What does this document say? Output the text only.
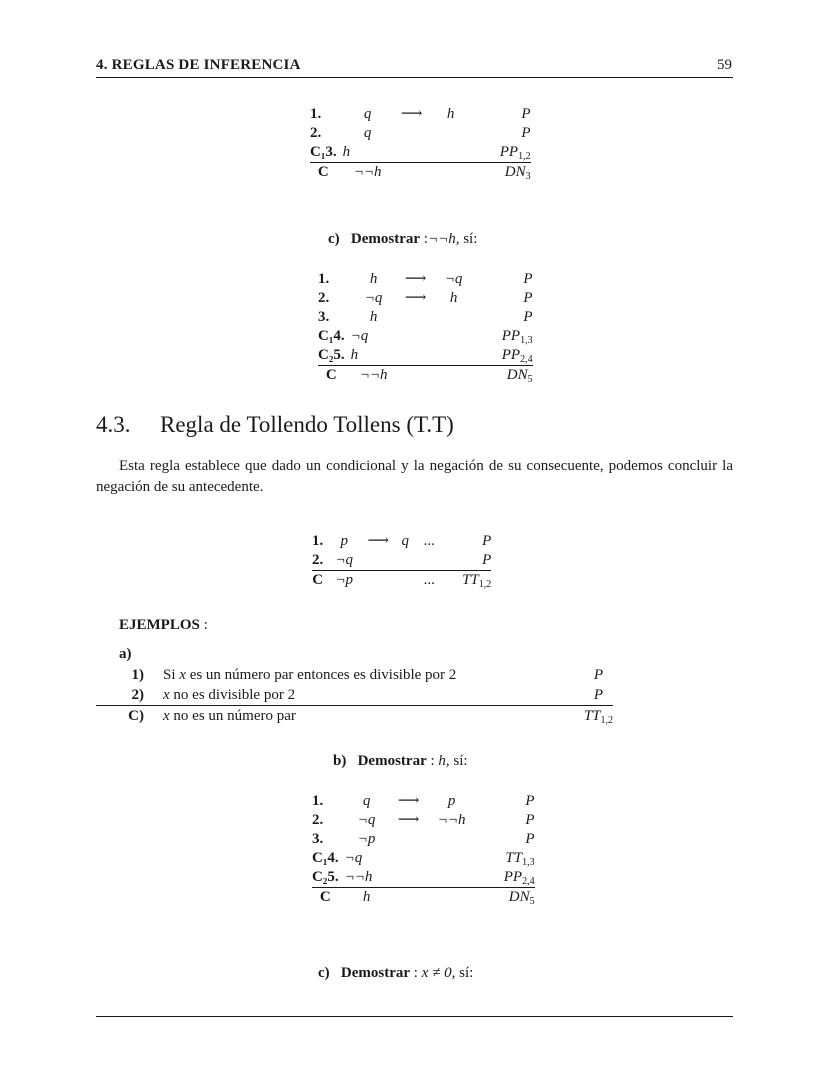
4. REGLAS DE INFERENCIA	59
1.	q	⟶	h	P
2.	q			P
C₁3.	h			$PP_{1,2}$
C	¬¬h			$DN_3$
c) Demostrar :¬¬h, sí:
1.	h	⟶	¬q	P
2.	¬q	⟶	h	P
3.	h			P
C₁4.	¬q			$PP_{1,3}$
C₂5.	h			$PP_{2,4}$
C	¬¬h			$DN_5$
4.3. Regla de Tollendo Tollens (T.T)
Esta regla establece que dado un condicional y la negación de su consecuente, podemos concluir la negación de su antecedente.
1.	p	⟶	q	...	P
2.	¬q				P
C	¬p			...	$TT_{1,2}$
EJEMPLOS :
a)
1)	Si x es un número par entonces es divisible por 2	P
2)	x no es divisible por 2	P
C)	x no es un número par	$TT_{1,2}$
b) Demostrar : h, sí:
1.	q	⟶	p	P
2.	¬q	⟶	¬¬h	P
3.	¬p			P
C₁4.	¬q			$TT_{1,3}$
C₂5.	¬¬h			$PP_{2,4}$
C	h			$DN_5$
c) Demostrar : x ≠ 0, sí:
